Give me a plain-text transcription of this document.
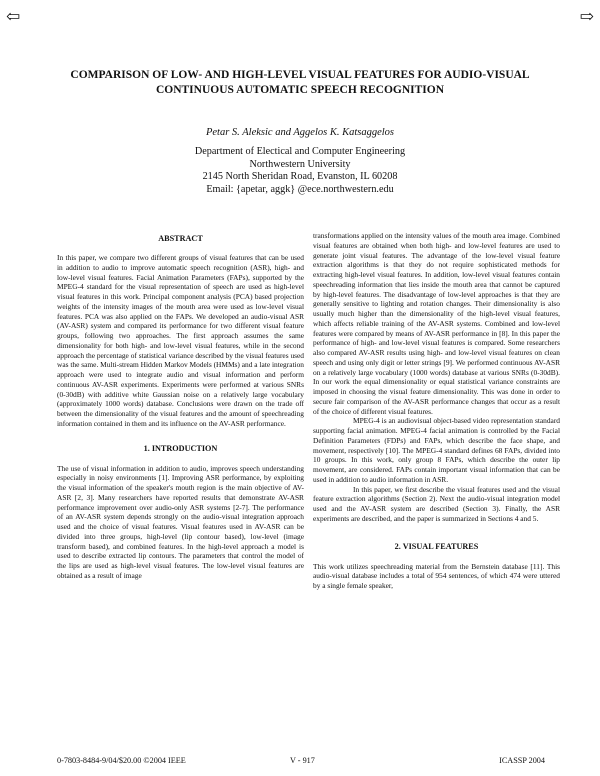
⇦	⇨
COMPARISON OF LOW- AND HIGH-LEVEL VISUAL FEATURES FOR AUDIO-VISUAL
CONTINUOUS AUTOMATIC SPEECH RECOGNITION
Petar S. Aleksic and Aggelos K. Katsaggelos
Department of Electical and Computer Engineering
Northwestern University
2145 North Sheridan Road, Evanston, IL 60208
Email: {apetar, aggk} @ece.northwestern.edu
ABSTRACT
In this paper, we compare two different groups of visual features that can be used in addition to audio to improve automatic speech recognition (ASR), high- and low-level visual features. Facial Animation Parameters (FAPs), supported by the MPEG-4 standard for the visual representation of speech are used as high-level visual features in this work. Principal component analysis (PCA) based projection weights of the intensity images of the mouth area were used as low-level visual features. PCA was also applied on the FAPs. We developed an audio-visual ASR (AV-ASR) system and compared its performance for two different visual feature groups, following two approaches. The first approach assumes the same dimensionality for both high- and low-level visual features, while in the second approach the percentage of statistical variance described by the visual features used was the same. Multi-stream Hidden Markov Models (HMMs) and a late integration approach were used to integrate audio and visual information and perform continuous AV-ASR experiments. Experiments were performed at various SNRs (0-30dB) with additive white Gaussian noise on a relatively large vocabulary (approximately 1000 words) database. Conclusions were drawn on the trade off between the dimensionality of the visual features and the amount of speechreading information contained in them and its influence on the AV-ASR performance.
1. INTRODUCTION
The use of visual information in addition to audio, improves speech understanding especially in noisy environments [1]. Improving ASR performance, by exploiting the visual information of the speaker's mouth region is the main objective of AV-ASR [2, 3]. Many researchers have reported results that demonstrate AV-ASR performance improvement over audio-only ASR systems [2-7]. The performance of an AV-ASR system depends strongly on the audio-visual integration approach used and the choice of visual features. Visual features used in AV-ASR can be divided into three groups, high-level (lip contour based), low-level (image transform based), and combined features. In the high-level approach a model is used to describe extracted lip contours. The parameters that control the model of the lips are used as high-level visual features. The low-level visual features are obtained as a result of image
transformations applied on the intensity values of the mouth area image. Combined visual features are obtained when both high- and low-level features are used to generate joint visual features. The advantage of the low-level visual feature extraction algorithms is that they do not require sophisticated methods for extracting high-level visual features. In addition, low-level visual features contain speechreading information that lies inside the mouth area that cannot be captured by high-level features. The disadvantage of low-level approaches is that they are generally sensitive to lighting and rotation changes. Their dimensionality is also usually much higher than the dimensionality of the high-level visual features, which affects reliable training of the AV-ASR systems. Combined and low-level features were compared by means of AV-ASR performance in [8]. In this paper the performance of high- and low-level visual features is compared. Some researchers also compared AV-ASR results using high- and low-level visual features on clean speech and using only digit or letter strings [9]. We performed continuous AV-ASR on a relatively large vocabulary (1000 words) database at various SNRs (0-30dB). In our work the equal dimensionality or equal statistical variance constraints are imposed in choosing the visual feature dimensionality. This was done in order to secure fair comparison of the AV-ASR performance changes that occur as a result of the choice of different visual features.
MPEG-4 is an audiovisual object-based video representation standard supporting facial animation. MPEG-4 facial animation is controlled by the Facial Definition Parameters (FDPs) and FAPs, which describe the face shape, and movement, respectively [10]. The MPEG-4 standard defines 68 FAPs, divided into 10 groups. In this work, only group 8 FAPs, which describe the outer lip movement, are considered. FAPs contain important visual information that can be used in addition to audio information in ASR.
In this paper, we first describe the visual features used and the visual feature extraction algorithms (Section 2). Next the audio-visual integration model used and the AV-ASR system are described (Section 3). Finally, the ASR experiments are described, and the paper is summarized in Sections 4 and 5.
2. VISUAL FEATURES
This work utilizes speechreading material from the Bernstein database [11]. This audio-visual database includes a total of 954 sentences, of which 474 were uttered by a single female speaker,
0-7803-8484-9/04/$20.00 ©2004 IEEE	V - 917	ICASSP 2004
